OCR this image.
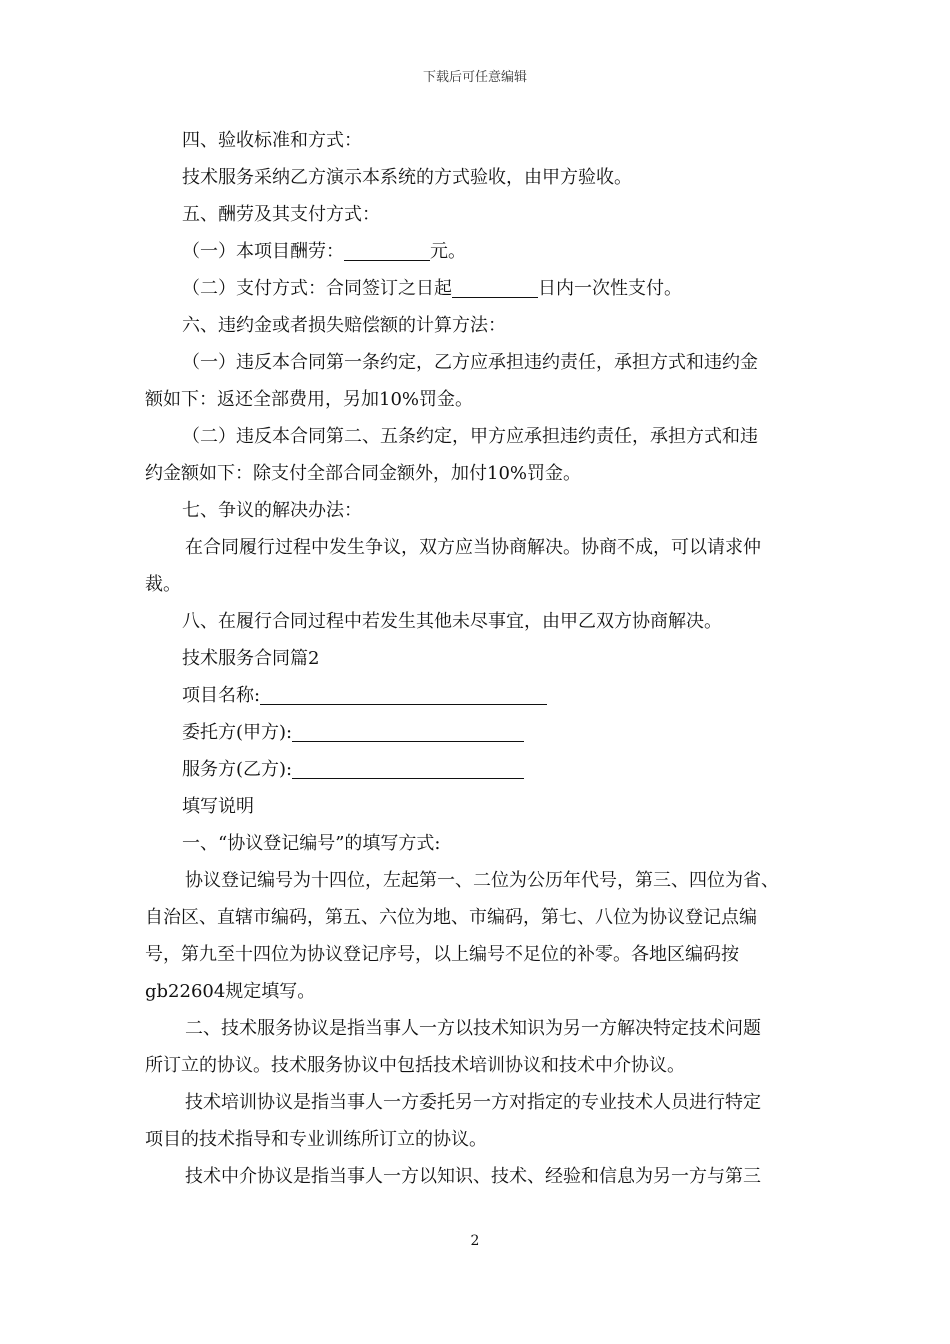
下载后可任意编辑
四、验收标准和方式：
技术服务采纳乙方演示本系统的方式验收，由甲方验收。
五、酬劳及其支付方式：
（一）本项目酬劳：	元。
（二）支付方式：合同签订之日起	日内一次性支付。
六、违约金或者损失赔偿额的计算方法：
（一）违反本合同第一条约定，乙方应承担违约责任，承担方式和违约金
额如下：返还全部费用，另加10%罚金。
（二）违反本合同第二、五条约定，甲方应承担违约责任，承担方式和违
约金额如下：除支付全部合同金额外，加付10%罚金。
七、争议的解决办法：
在合同履行过程中发生争议，双方应当协商解决。协商不成，可以请求仲
裁。
八、在履行合同过程中若发生其他未尽事宜，由甲乙双方协商解决。
技术服务合同篇2
项目名称:
委托方(甲方):
服务方(乙方):
填写说明
一、“协议登记编号”的填写方式:
协议登记编号为十四位，左起第一、二位为公历年代号，第三、四位为省、
自治区、直辖市编码，第五、六位为地、市编码，第七、八位为协议登记点编
号，第九至十四位为协议登记序号，以上编号不足位的补零。各地区编码按
gb22604规定填写。
二、技术服务协议是指当事人一方以技术知识为另一方解决特定技术问题
所订立的协议。技术服务协议中包括技术培训协议和技术中介协议。
技术培训协议是指当事人一方委托另一方对指定的专业技术人员进行特定
项目的技术指导和专业训练所订立的协议。
技术中介协议是指当事人一方以知识、技术、经验和信息为另一方与第三
2
